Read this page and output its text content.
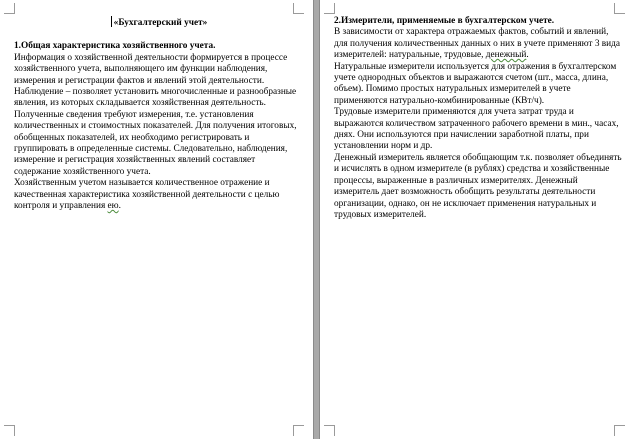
«Бухгалтерский учет»

1.Общая характеристика хозяйственного учета.

Информация о хозяйственной деятельности формируется в процессе хозяйственного учета, выполняющего им функции наблюдения, измерения и регистрации фактов и явлений этой деятельности. Наблюдение – позволяет установить многочисленные и разнообразные явления, из которых складывается хозяйственная деятельность. Полученные сведения требуют измерения, т.е. установления количественных и стоимостных показателей. Для получения итоговых, обобщенных показателей, их необходимо регистрировать и группировать в определенные системы. Следовательно, наблюдения, измерение и регистрация хозяйственных явлений составляет содержание хозяйственного учета.

Хозяйственным учетом называется количественное отражение и качественная характеристика хозяйственной деятельности с целью контроля и управления ею.

2.Измерители, применяемые в бухгалтерском учете.

В зависимости от характера отражаемых фактов, событий и явлений, для получения количественных данных о них в учете применяют 3 вида измерителей: натуральные, трудовые, денежный.

Натуральные измерители используется для отражения в бухгалтерском учете однородных объектов и выражаются счетом (шт., масса, длина, объем). Помимо простых натуральных измерителей в учете применяются натурально-комбинированные (КВт/ч).

Трудовые измерители применяются для учета затрат труда и выражаются количеством затраченного рабочего времени в мин., часах, днях. Они используются при начислении заработной платы, при установлении норм и др.

Денежный измеритель является обобщающим т.к. позволяет объединять и исчислять в одном измерителе (в рублях) средства и хозяйственные процессы, выраженные в различных измерителях. Денежный измеритель дает возможность обобщить результаты деятельности организации, однако, он не исключает применения натуральных и трудовых измерителей.
